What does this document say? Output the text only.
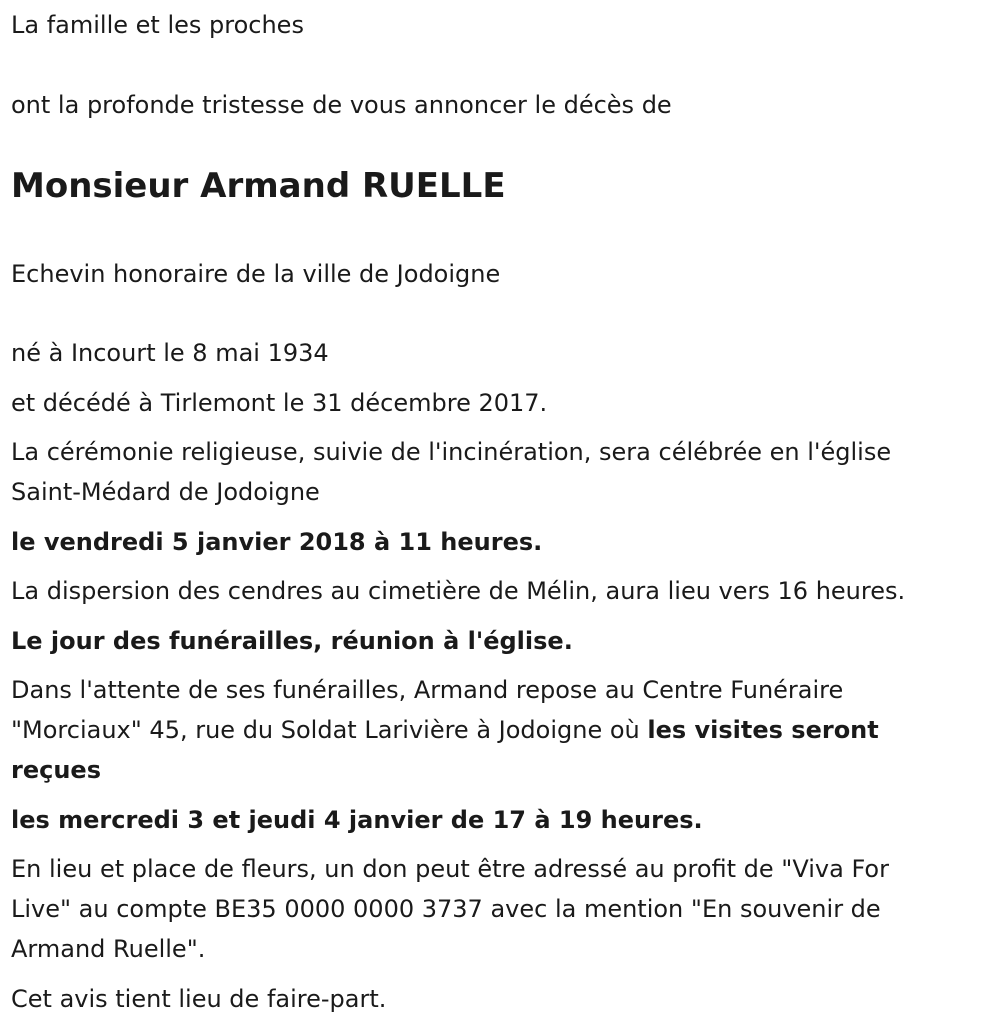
La famille et les proches

ont la profonde tristesse de vous annoncer le décès de

Monsieur Armand RUELLE

Echevin honoraire de la ville de Jodoigne

né à Incourt le 8 mai 1934

et décédé à Tirlemont le 31 décembre 2017.

La cérémonie religieuse, suivie de l'incinération, sera célébrée en l'église

Saint-Médard de Jodoigne

le vendredi 5 janvier 2018 à 11 heures.

La dispersion des cendres au cimetière de Mélin, aura lieu vers 16 heures.

Le jour des funérailles, réunion à l'église.

Dans l'attente de ses funérailles, Armand repose au Centre Funéraire

"Morciaux" 45, rue du Soldat Larivière à Jodoigne où les visites seront

reçues

les mercredi 3 et jeudi 4 janvier de 17 à 19 heures.

En lieu et place de fleurs, un don peut être adressé au profit de "Viva For

Live" au compte BE35 0000 0000 3737 avec la mention "En souvenir de

Armand Ruelle".

Cet avis tient lieu de faire-part.
